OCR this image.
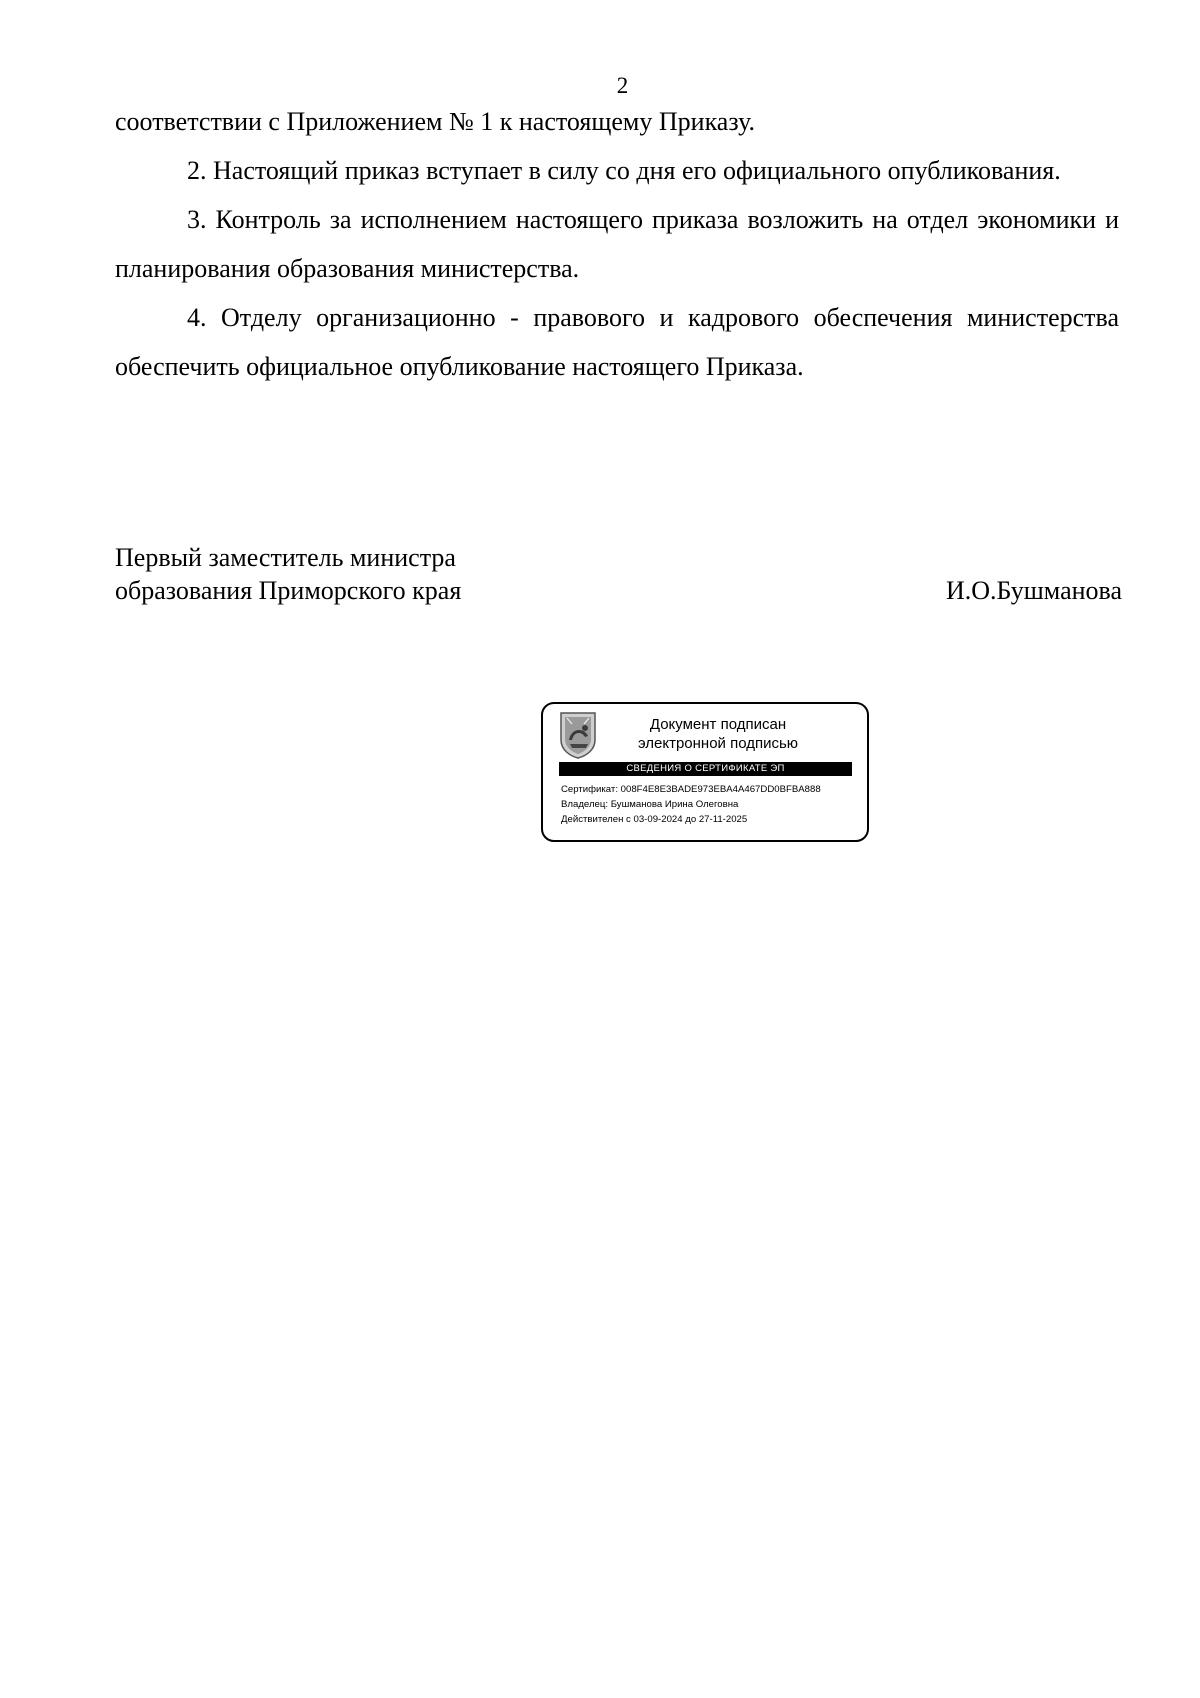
2

соответствии с Приложением № 1 к настоящему Приказу.

2. Настоящий приказ вступает в силу со дня его официального опубликования.

3. Контроль за исполнением настоящего приказа возложить на отдел экономики и планирования образования министерства.

4. Отделу организационно - правового и кадрового обеспечения министерства обеспечить официальное опубликование настоящего Приказа.

Первый заместитель министра
образования Приморского края	И.О.Бушманова
Документ подписан
электронной подписью
СВЕДЕНИЯ О СЕРТИФИКАТЕ ЭП
Сертификат: 008F4E8E3BADE973EBA4A467DD0BFBA888
Владелец: Бушманова Ирина Олеговна
Действителен с 03-09-2024 до 27-11-2025
